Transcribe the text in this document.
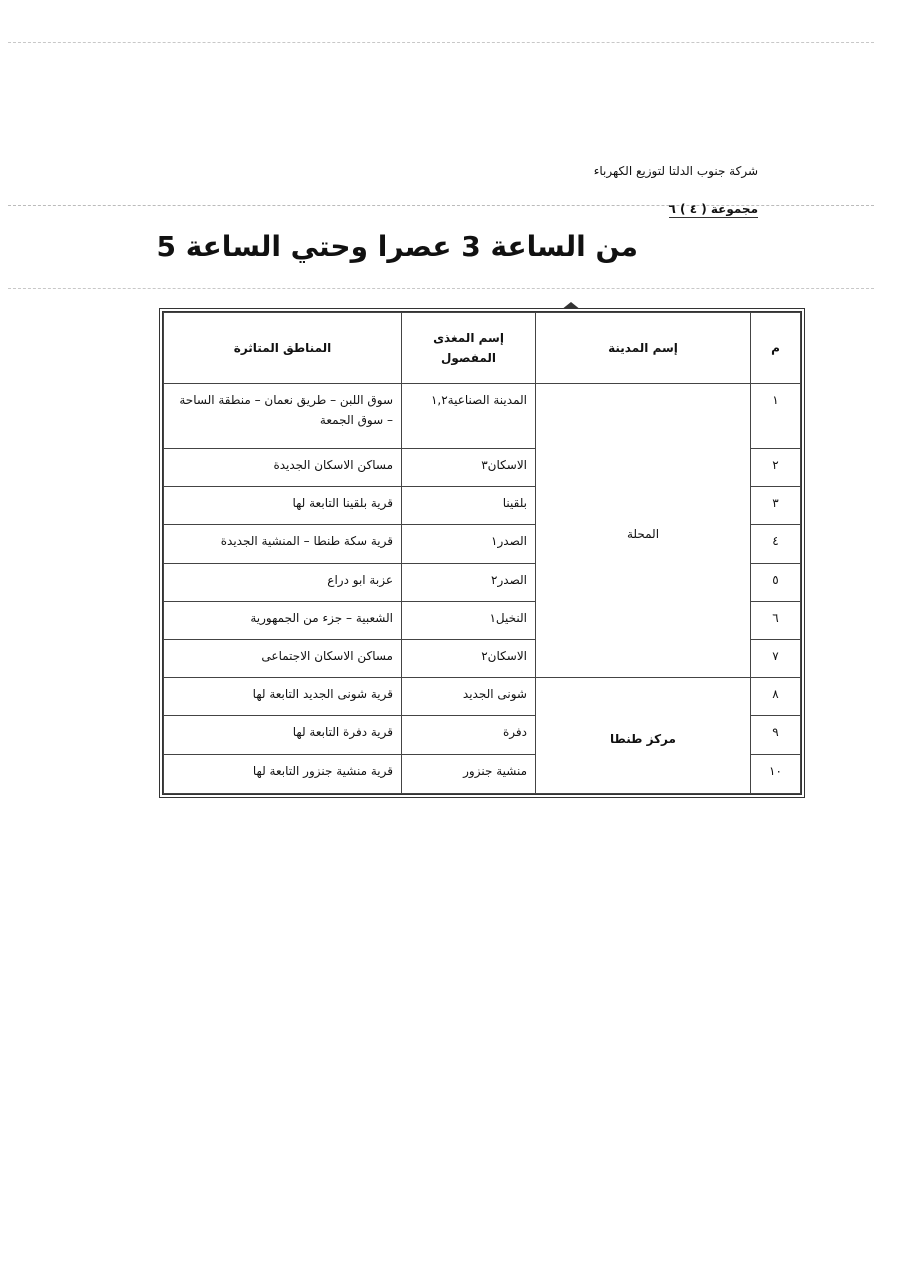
شركة جنوب الدلتا لتوزيع الكهرباء
مجموعة ( ٤ ) ٦
من الساعة 3 عصرا وحتي الساعة 5
م	إسم المدينة	إسم المغذى المفصول	المناطق المتاثرة
١	المحلة	المدينة الصناعية١,٢	سوق اللبن – طريق نعمان – منطقة الساحة – سوق الجمعة
٢		الاسكان٣	مساكن الاسكان الجديدة
٣		بلقينا	قرية بلقينا التابعة لها
٤		الصدر١	قرية سكة طنطا – المنشية الجديدة
٥		الصدر٢	عزبة ابو دراع
٦		النخيل١	الشعبية – جزء من الجمهورية
٧		الاسكان٢	مساكن الاسكان الاجتماعى
٨	مركز طنطا	شونى الجديد	قرية شونى الجديد التابعة لها
٩		دفرة	قرية دفرة التابعة لها
١٠		منشية جنزور	قرية منشية جنزور التابعة لها
